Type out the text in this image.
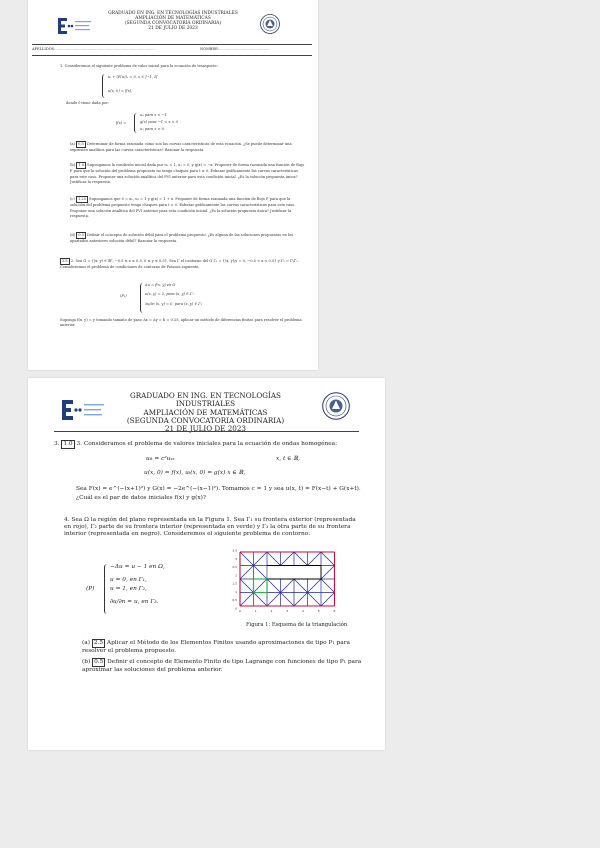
GRADUADO EN ING. EN TECNOLOGÍAS INDUSTRIALES
AMPLIACIÓN DE MATEMÁTICAS
(SEGUNDA CONVOCATORIA ORDINARIA)
21 DE JULIO DE 2023
APELLIDOS:.......................................................................................	NOMBRE:............................................
1. Consideremos el siguiente problema de valor inicial para la ecuación de transporte:
uₜ + (F(u))ₓ = 0, x ∈ ]−1, 1[
u(x, 0) = f(x),
donde f viene dada por:
f(x) =
u₀ para x < −1
g(x) para −1 < x < 0
u₁ para x > 0
(a) 0.5 Determinar de forma razonada cómo son las curvas características de esta ecuación. ¿Se puede determinar una expresión analítica para las curvas características? Razonar la respuesta.
(b) 1.0 Supongamos la condición inicial dada por u₀ = 1, u₁ = 0, y g(x) = −x. Proponer de forma razonada una función de flujo F para que la solución del problema propuesto no tenga choques para t ≥ 0. Esbozar gráficamente las curvas características para este caso. Proponer una solución analítica del PVI anterior para esta condición inicial. ¿Es la solución propuesta única? Justificar la respuesta.
(c) 1.25 Supongamos que 0 = u₀, u₁ = 1 y g(x) = 1 + x. Proponer de forma razonada una función de flujo F para que la solución del problema propuesto tenga choques para t > 0. Esbozar gráficamente las curvas características para este caso. Proponer una solución analítica del PVI anterior para esta condición inicial. ¿Es la solución propuesta única? Justificar la respuesta.
(d) 0.5 Definir el concepto de solución débil para el problema propuesto. ¿Es alguna de las soluciones propuestas en los apartados anteriores solución débil? Razonar la respuesta.
2.5 2. Sea Ω = {(x, y) ∈ ℝ², −0.5 ≤ x ≤ 0.5, 0 ≤ y ≤ 0.5}. Sea Γ el contorno del Ω Γ₁ = {(x, y)/y = 0, −0.5 < x < 0.5} y Γ₂ = Γ\Γ₁. Consideremos el problema de condiciones de contorno de Poisson siguiente,
(P₂)
Δu = f(x, y) en Ω
u(x, y) = 2, para (x, y) ∈ Γ₁
∂u/∂n (x, y) = 0, para (x, y) ∈ Γ₂
Suponga f(x, y) = y tomando tamaño de paso Δx = Δy = h = 0.25, aplicar un método de diferencias finitas para resolver el problema anterior.
GRADUADO EN ING. EN TECNOLOGÍAS INDUSTRIALES
AMPLIACIÓN DE MATEMÁTICAS
(SEGUNDA CONVOCATORIA ORDINARIA)
21 DE JULIO DE 2023
3. 1.0 3. Consideramos el problema de valores iniciales para la ecuación de ondas homogénea:
uₜₜ = c²uₓₓ	x, t ∈ ℝ,
u(x, 0) = f(x), uₜ(x, 0) = g(x) x ∈ ℝ,
Sea F(x) = e^(−(x+1)²) y G(x) = −2e^(−(x−1)²). Tomamos c = 1 y sea u(x, t) = F(x−t) + G(x+t).
¿Cuál es el par de datos iniciales f(x) y g(x)?
4. Sea Ω la región del plano representada en la Figura 1. Sea Γ₁ su frontera exterior (representada en rojo), Γ₂ parte de su frontera interior (representada en verde) y Γ₃ la otra parte de su frontera interior (representada en negro). Consideremos el siguiente problema de contorno:
(P)
−Δu = u − 1 en Ω,
u = 0, en Γ₁,
u = 1, en Γ₂,
∂u/∂n = u, en Γ₃.
3.5
3
2.5
2
1.5
1
0.5
0
0	1	2	3	4	5	6
Figura 1: Esquema de la triangulación
(a) 2.5 Aplicar el Método de los Elementos Finitos usando aproximaciones de tipo P₁ para resolver el problema propuesto.
(b) 0.5 Definir el concepto de Elemento Finito de tipo Lagrange con funciones de tipo P₁ para aproximar las soluciones del problema anterior.
